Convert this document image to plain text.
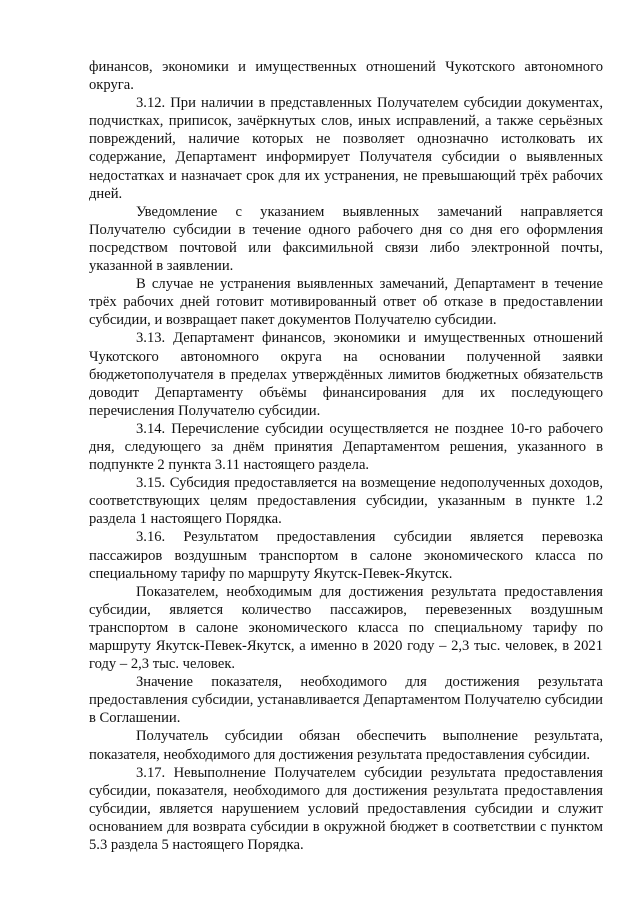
финансов, экономики и имущественных отношений Чукотского автономного округа.

3.12. При наличии в представленных Получателем субсидии документах, подчистках, приписок, зачёркнутых слов, иных исправлений, а также серьёзных повреждений, наличие которых не позволяет однозначно истолковать их содержание, Департамент информирует Получателя субсидии о выявленных недостатках и назначает срок для их устранения, не превышающий трёх рабочих дней.

Уведомление с указанием выявленных замечаний направляется Получателю субсидии в течение одного рабочего дня со дня его оформления посредством почтовой или факсимильной связи либо электронной почты, указанной в заявлении.

В случае не устранения выявленных замечаний, Департамент в течение трёх рабочих дней готовит мотивированный ответ об отказе в предоставлении субсидии, и возвращает пакет документов Получателю субсидии.

3.13. Департамент финансов, экономики и имущественных отношений Чукотского автономного округа на основании полученной заявки бюджетополучателя в пределах утверждённых лимитов бюджетных обязательств доводит Департаменту объёмы финансирования для их последующего перечисления Получателю субсидии.

3.14. Перечисление субсидии осуществляется не позднее 10-го рабочего дня, следующего за днём принятия Департаментом решения, указанного в подпункте 2 пункта 3.11 настоящего раздела.

3.15. Субсидия предоставляется на возмещение недополученных доходов, соответствующих целям предоставления субсидии, указанным в пункте 1.2 раздела 1 настоящего Порядка.

3.16. Результатом предоставления субсидии является перевозка пассажиров воздушным транспортом в салоне экономического класса по специальному тарифу по маршруту Якутск-Певек-Якутск.

Показателем, необходимым для достижения результата предоставления субсидии, является количество пассажиров, перевезенных воздушным транспортом в салоне экономического класса по специальному тарифу по маршруту Якутск-Певек-Якутск, а именно в 2020 году – 2,3 тыс. человек, в 2021 году – 2,3 тыс. человек.

Значение показателя, необходимого для достижения результата предоставления субсидии, устанавливается Департаментом Получателю субсидии в Соглашении.

Получатель субсидии обязан обеспечить выполнение результата, показателя, необходимого для достижения результата предоставления субсидии.

3.17. Невыполнение Получателем субсидии результата предоставления субсидии, показателя, необходимого для достижения результата предоставления субсидии, является нарушением условий предоставления субсидии и служит основанием для возврата субсидии в окружной бюджет в соответствии с пунктом 5.3 раздела 5 настоящего Порядка.
